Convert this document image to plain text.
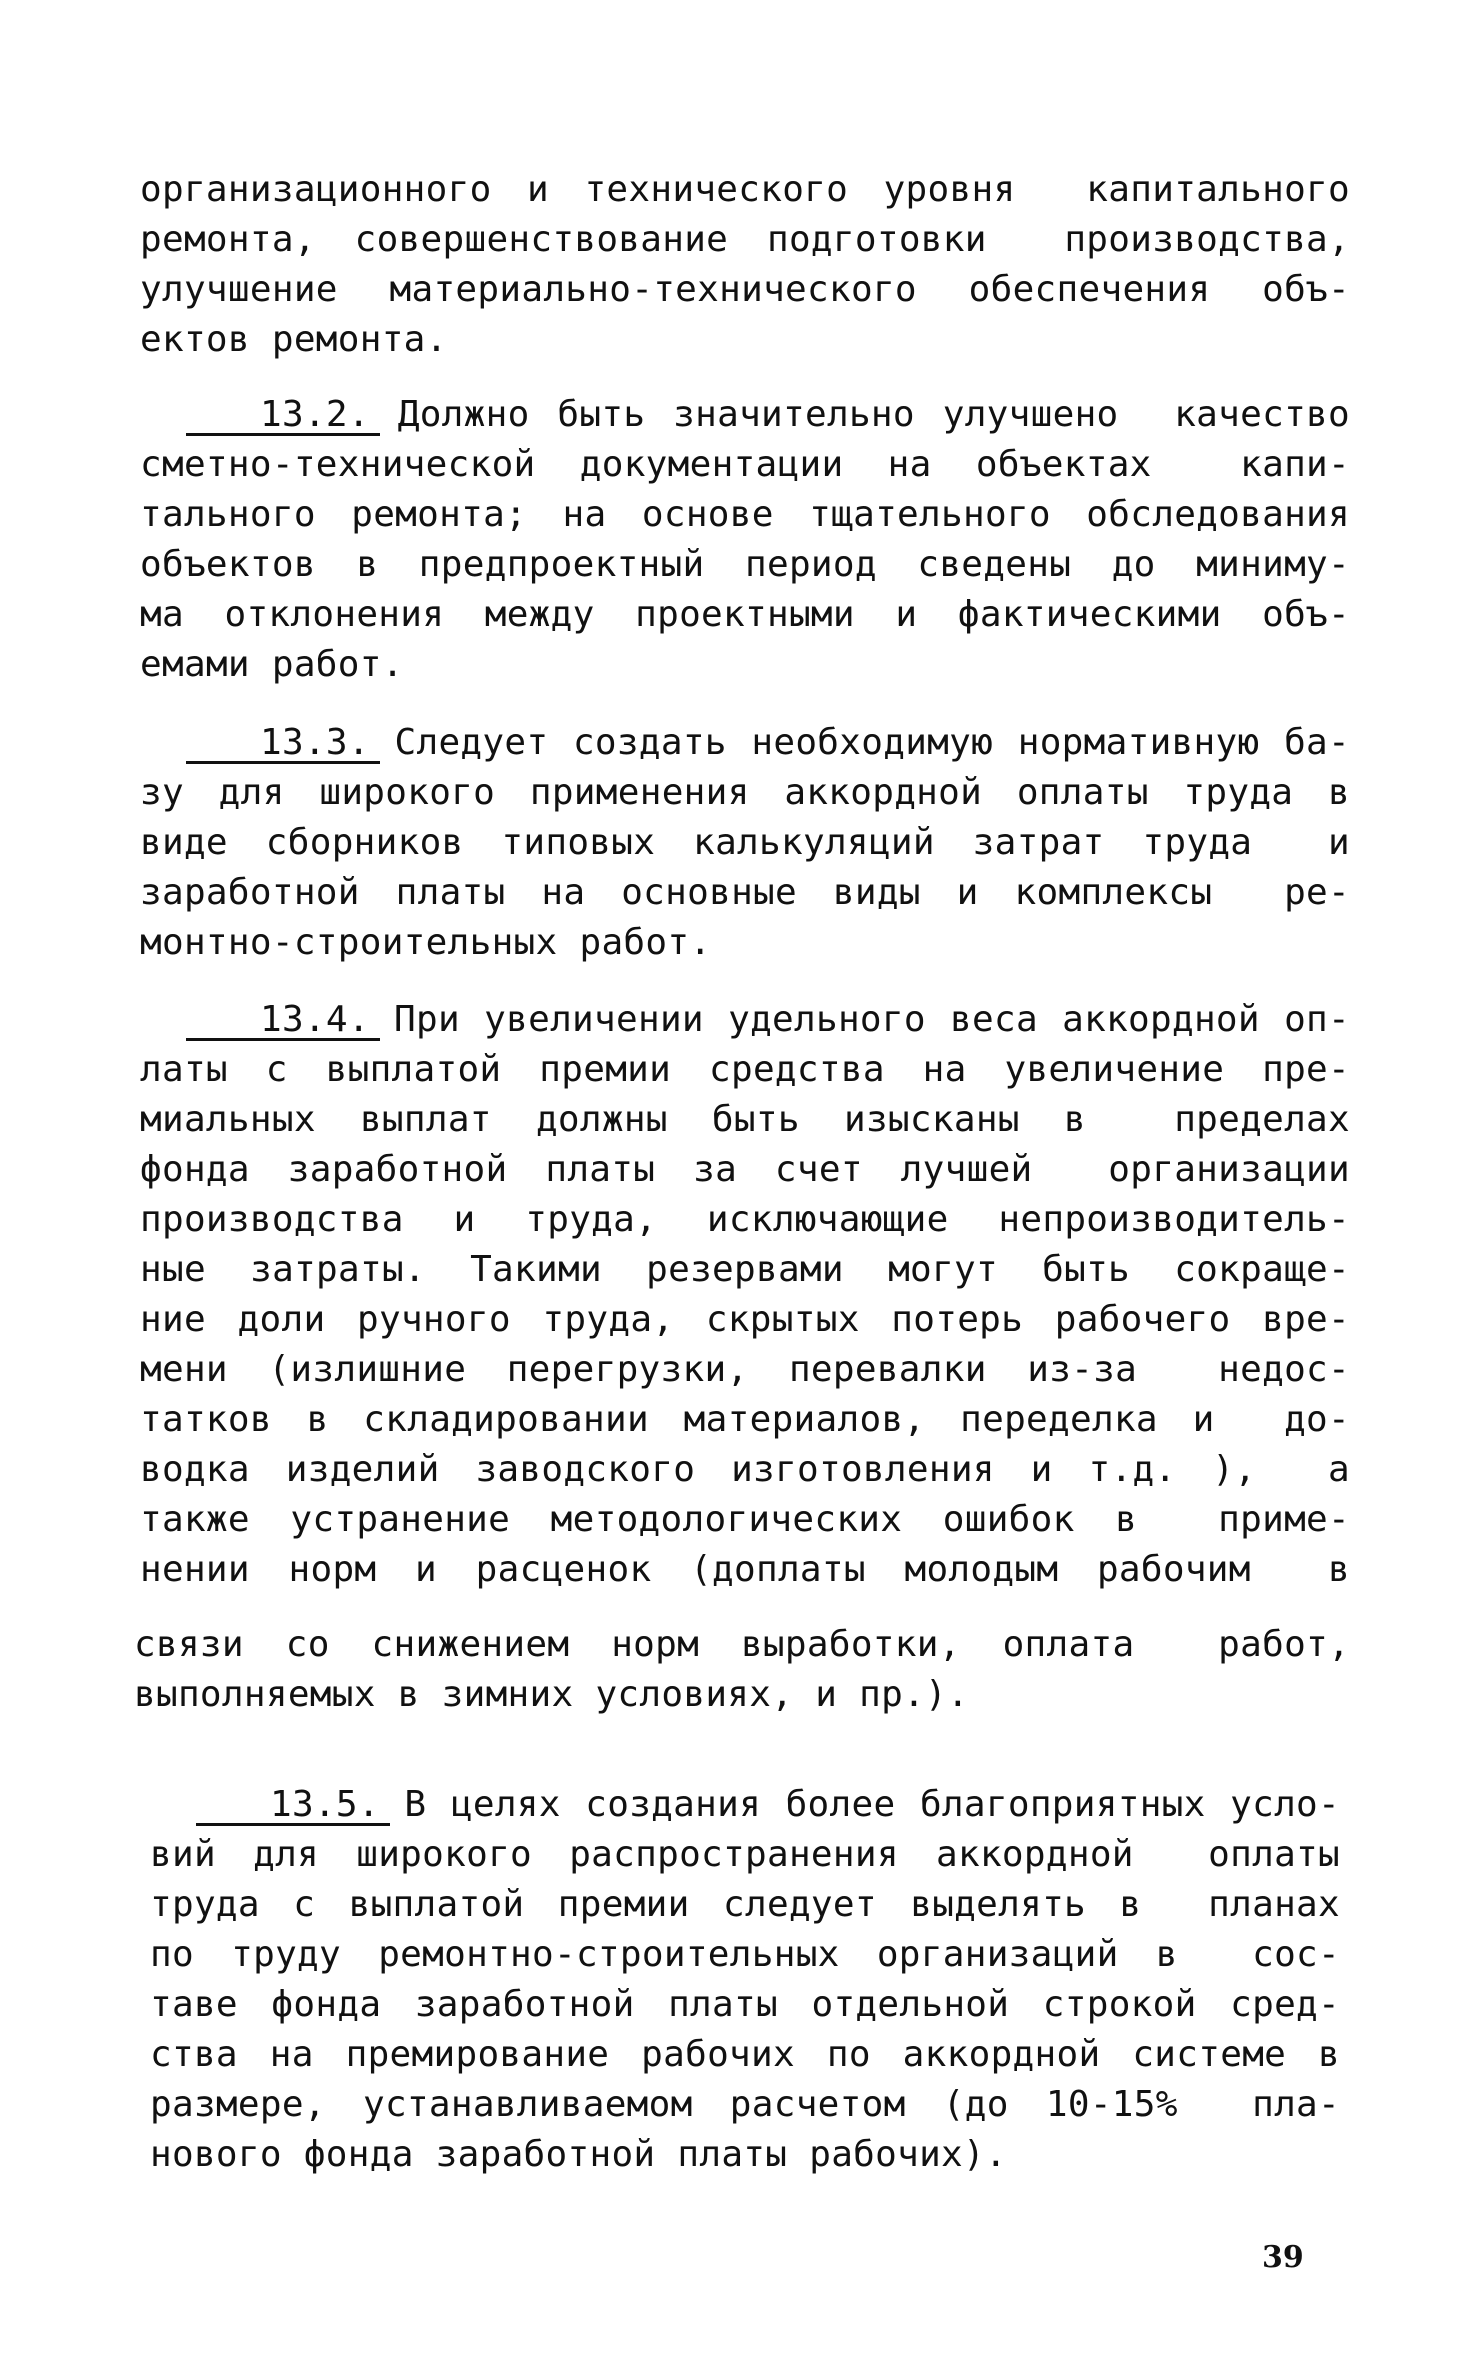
организационного и технического уровня  капитального
ремонта, совершенствование подготовки  производства,
улучшение материально-технического обеспечения объ-
ектов ремонта.
13.2. Должно быть значительно улучшено  качество
сметно-технической документации на объектах  капи-
тального ремонта; на основе тщательного обследования
объектов в предпроектный период сведены до миниму-
ма отклонения между проектными и фактическими объ-
емами работ.
13.3. Следует создать необходимую нормативную ба-
зу для широкого применения аккордной оплаты труда в
виде сборников типовых калькуляций затрат труда  и
заработной платы на основные виды и комплексы  ре-
монтно-строительных работ.
13.4. При увеличении удельного веса аккордной оп-
латы с выплатой премии средства на увеличение пре-
миальных выплат должны быть изысканы в  пределах
фонда заработной платы за счет лучшей  организации
производства и труда, исключающие непроизводитель-
ные затраты. Такими резервами могут быть сокраще-
ние доли ручного труда, скрытых потерь рабочего вре-
мени (излишние перегрузки, перевалки из-за  недос-
татков в складировании материалов, переделка и  до-
водка изделий заводского изготовления и т.д. ),  а
также устранение методологических ошибок в  приме-
нении норм и расценок (доплаты молодым рабочим  в
связи со снижением норм выработки, оплата  работ,
выполняемых в зимних условиях, и пр.).
13.5. В целях создания более благоприятных усло-
вий для широкого распространения аккордной  оплаты
труда с выплатой премии следует выделять в  планах
по труду ремонтно-строительных организаций в  сос-
таве фонда заработной платы отдельной строкой сред-
ства на премирование рабочих по аккордной системе в
размере, устанавливаемом расчетом (до 10-15%  пла-
нового фонда заработной платы рабочих).
39
